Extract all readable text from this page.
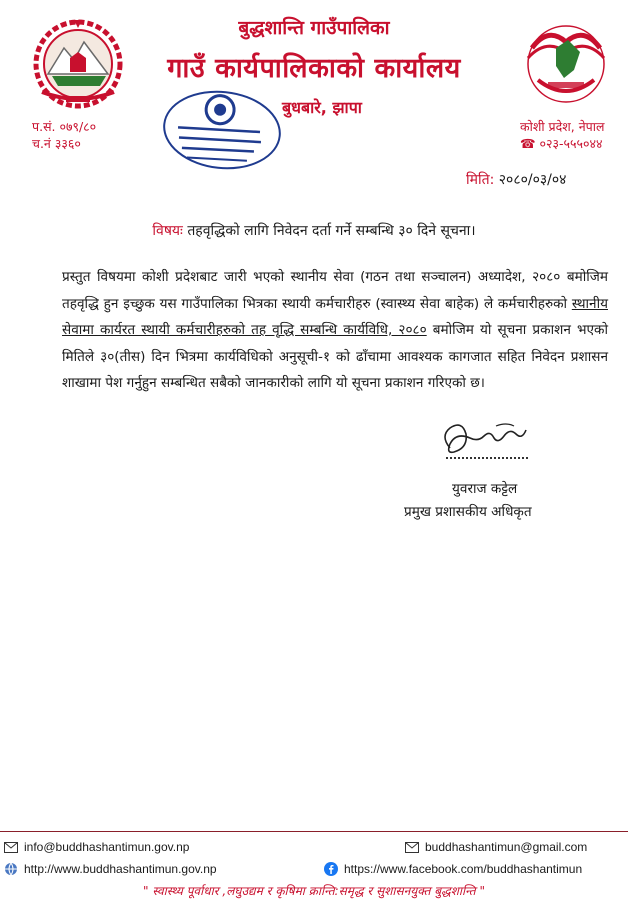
बुद्धशान्ति गाउँपालिका
गाउँ कार्यपालिकाको कार्यालय
बुधबारे, झापा
प.सं. ०७९/८०
च.नं ३३६०
कोशी प्रदेश, नेपाल
☎ ०२३-५५५०४४
मिति: २०८०/०३/०४
विषयः तहवृद्धिको लागि निवेदन दर्ता गर्ने सम्बन्धि ३० दिने सूचना।
प्रस्तुत विषयमा कोशी प्रदेशबाट जारी भएको स्थानीय सेवा (गठन तथा सञ्चालन) अध्यादेश, २०८० बमोजिम तहवृद्धि हुन इच्छुक यस गाउँपालिका भित्रका स्थायी कर्मचारीहरु (स्वास्थ्य सेवा बाहेक) ले कर्मचारीहरुको स्थानीय सेवामा कार्यरत स्थायी कर्मचारीहरुको तह वृद्धि सम्बन्धि कार्यविधि, २०८० बमोजिम यो सूचना प्रकाशन भएको मितिले ३०(तीस) दिन भित्रमा कार्यविधिको अनुसूची-१ को ढाँचामा आवश्यक कागजात सहित निवेदन प्रशासन शाखामा पेश गर्नुहुन सम्बन्धित सबैको जानकारीको लागि यो सूचना प्रकाशन गरिएको छ।
युवराज कट्टेल
प्रमुख प्रशासकीय अधिकृत
info@buddhashantimun.gov.np	buddhashantimun@gmail.com
http://www.buddhashantimun.gov.np	https://www.facebook.com/buddhashantimun
" स्वास्थ्य पूर्वाधार ,लघुउद्यम र कृषिमा क्रान्ति:समृद्ध र सुशासनयुक्त बुद्धशान्ति "
